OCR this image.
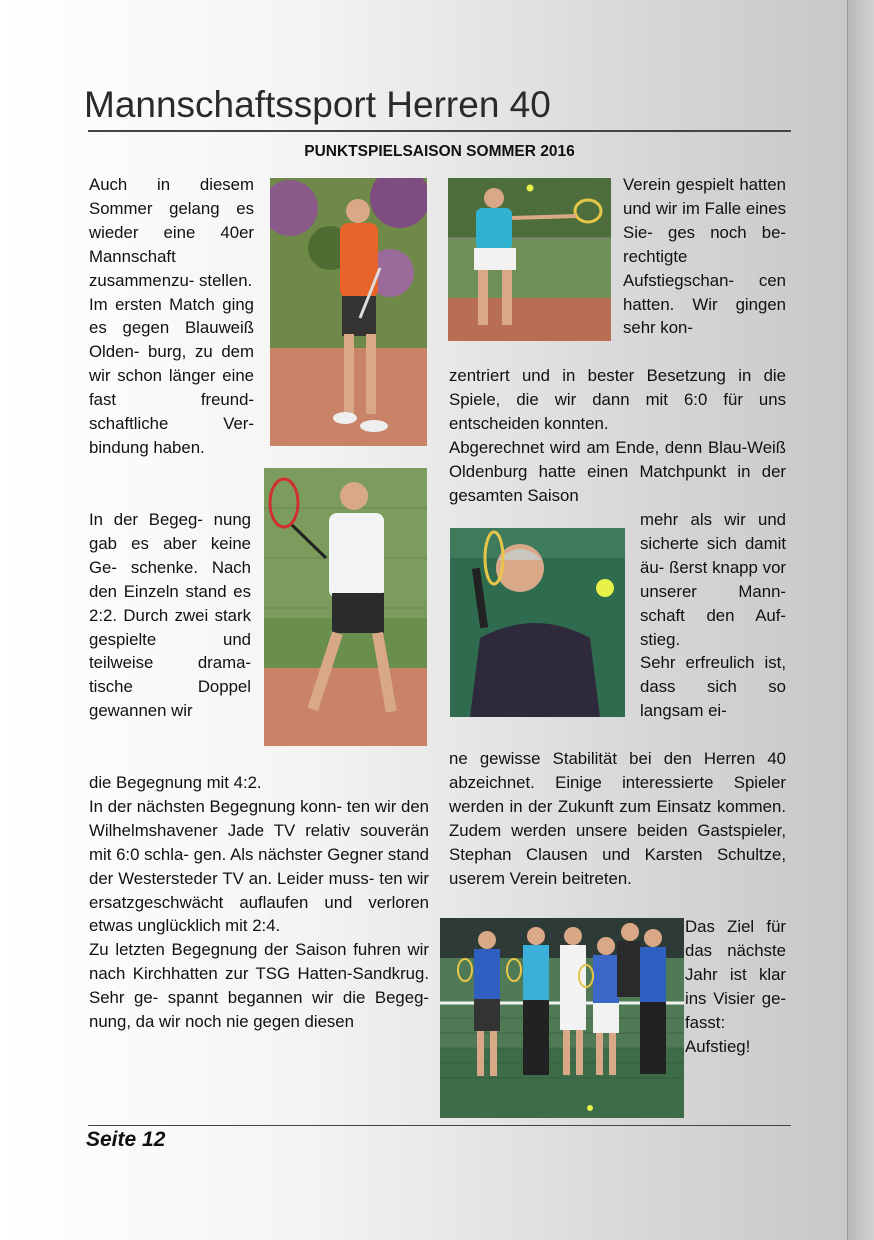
Mannschaftssport Herren 40
PUNKTSPIELSAISON SOMMER 2016

Auch in diesem Sommer gelang es wieder eine 40er Mannschaft zusammenzu- stellen.

Im ersten Match ging es gegen Blauweiß Olden- burg, zu dem wir schon länger eine fast freund- schaftliche Ver- bindung haben.

In der Begeg- nung gab es aber keine Ge- schenke. Nach den Einzeln stand es 2:2. Durch zwei stark gespielte und teilweise drama- tische Doppel gewannen wir

die Begegnung mit 4:2.

In der nächsten Begegnung konn- ten wir den Wilhelmshavener Jade TV relativ souverän mit 6:0 schla- gen. Als nächster Gegner stand der Westersteder TV an. Leider muss- ten wir ersatzgeschwächt auflaufen und verloren etwas unglücklich mit 2:4.

Zu letzten Begegnung der Saison fuhren wir nach Kirchhatten zur TSG Hatten-Sandkrug. Sehr ge- spannt begannen wir die Begeg- nung, da wir noch nie gegen diesen

Verein gespielt hatten und wir im Falle eines Sie- ges noch be- rechtigte Aufstiegschan- cen hatten. Wir gingen sehr kon-

zentriert und in bester Besetzung in die Spiele, die wir dann mit 6:0 für uns entscheiden konnten.

Abgerechnet wird am Ende, denn Blau-Weiß Oldenburg hatte einen Matchpunkt in der gesamten Saison

mehr als wir und sicherte sich damit äu- ßerst knapp vor unserer Mann- schaft den Auf- stieg.

Sehr erfreulich ist, dass sich so langsam ei-

ne gewisse Stabilität bei den Herren 40 abzeichnet. Einige interessierte Spieler werden in der Zukunft zum Einsatz kommen. Zudem werden unsere beiden Gastspieler, Stephan Clausen und Karsten Schultze, userem Verein beitreten.

Das Ziel für das nächste Jahr ist klar ins Visier ge- fasst: Aufstieg!

Seite 12
